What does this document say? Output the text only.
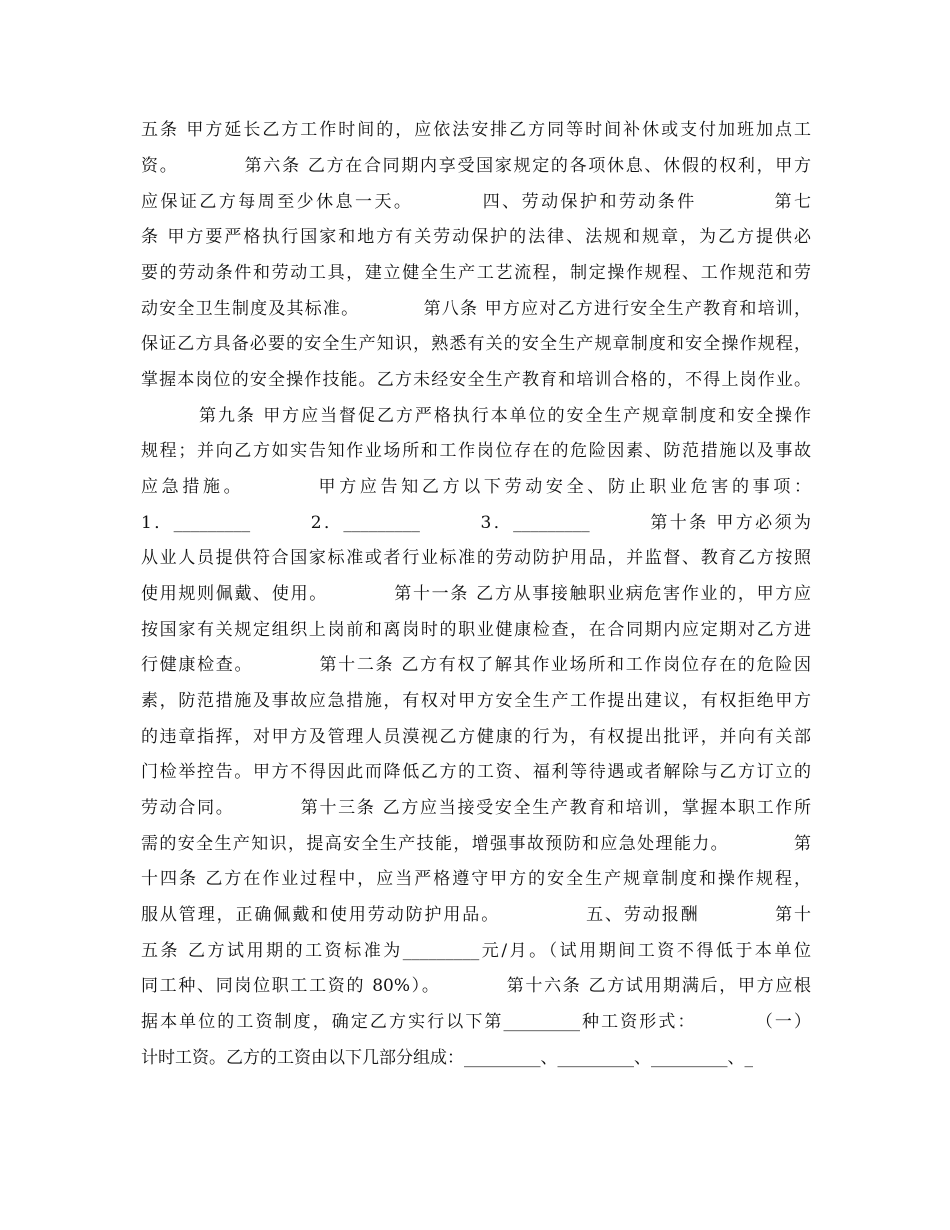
五条 甲方延长乙方工作时间的，应依法安排乙方同等时间补休或支付加班加点工
资。　　　　第六条 乙方在合同期内享受国家规定的各项休息、休假的权利，甲方
应保证乙方每周至少休息一天。　　　　四、劳动保护和劳动条件　　　　第七
条 甲方要严格执行国家和地方有关劳动保护的法律、法规和规章，为乙方提供必
要的劳动条件和劳动工具，建立健全生产工艺流程，制定操作规程、工作规范和劳
动安全卫生制度及其标准。　　　　第八条 甲方应对乙方进行安全生产教育和培训，
保证乙方具备必要的安全生产知识，熟悉有关的安全生产规章制度和安全操作规程，
掌握本岗位的安全操作技能。乙方未经安全生产教育和培训合格的，不得上岗作业。
第九条 甲方应当督促乙方严格执行本单位的安全生产规章制度和安全操作
规程；并向乙方如实告知作业场所和工作岗位存在的危险因素、防范措施以及事故
应急措施。　　　　甲方应告知乙方以下劳动安全、防止职业危害的事项：
1．_________　　　2．_________　　　3．_________　　　第十条 甲方必须为
从业人员提供符合国家标准或者行业标准的劳动防护用品，并监督、教育乙方按照
使用规则佩戴、使用。　　　　第十一条 乙方从事接触职业病危害作业的，甲方应
按国家有关规定组织上岗前和离岗时的职业健康检查，在合同期内应定期对乙方进
行健康检查。　　　　第十二条 乙方有权了解其作业场所和工作岗位存在的危险因
素，防范措施及事故应急措施，有权对甲方安全生产工作提出建议，有权拒绝甲方
的违章指挥，对甲方及管理人员漠视乙方健康的行为，有权提出批评，并向有关部
门检举控告。甲方不得因此而降低乙方的工资、福利等待遇或者解除与乙方订立的
劳动合同。　　　　第十三条 乙方应当接受安全生产教育和培训，掌握本职工作所
需的安全生产知识，提高安全生产技能，增强事故预防和应急处理能力。　　　　第
十四条 乙方在作业过程中，应当严格遵守甲方的安全生产规章制度和操作规程，
服从管理，正确佩戴和使用劳动防护用品。　　　　　五、劳动报酬　　　　第十
五条 乙方试用期的工资标准为_________元/月。（试用期间工资不得低于本单位
同工种、同岗位职工工资的 80%）。　　　　第十六条 乙方试用期满后，甲方应根
据本单位的工资制度，确定乙方实行以下第_________种工资形式：　　　　（一）
计时工资。乙方的工资由以下几部分组成：_________、_________、_________、_
